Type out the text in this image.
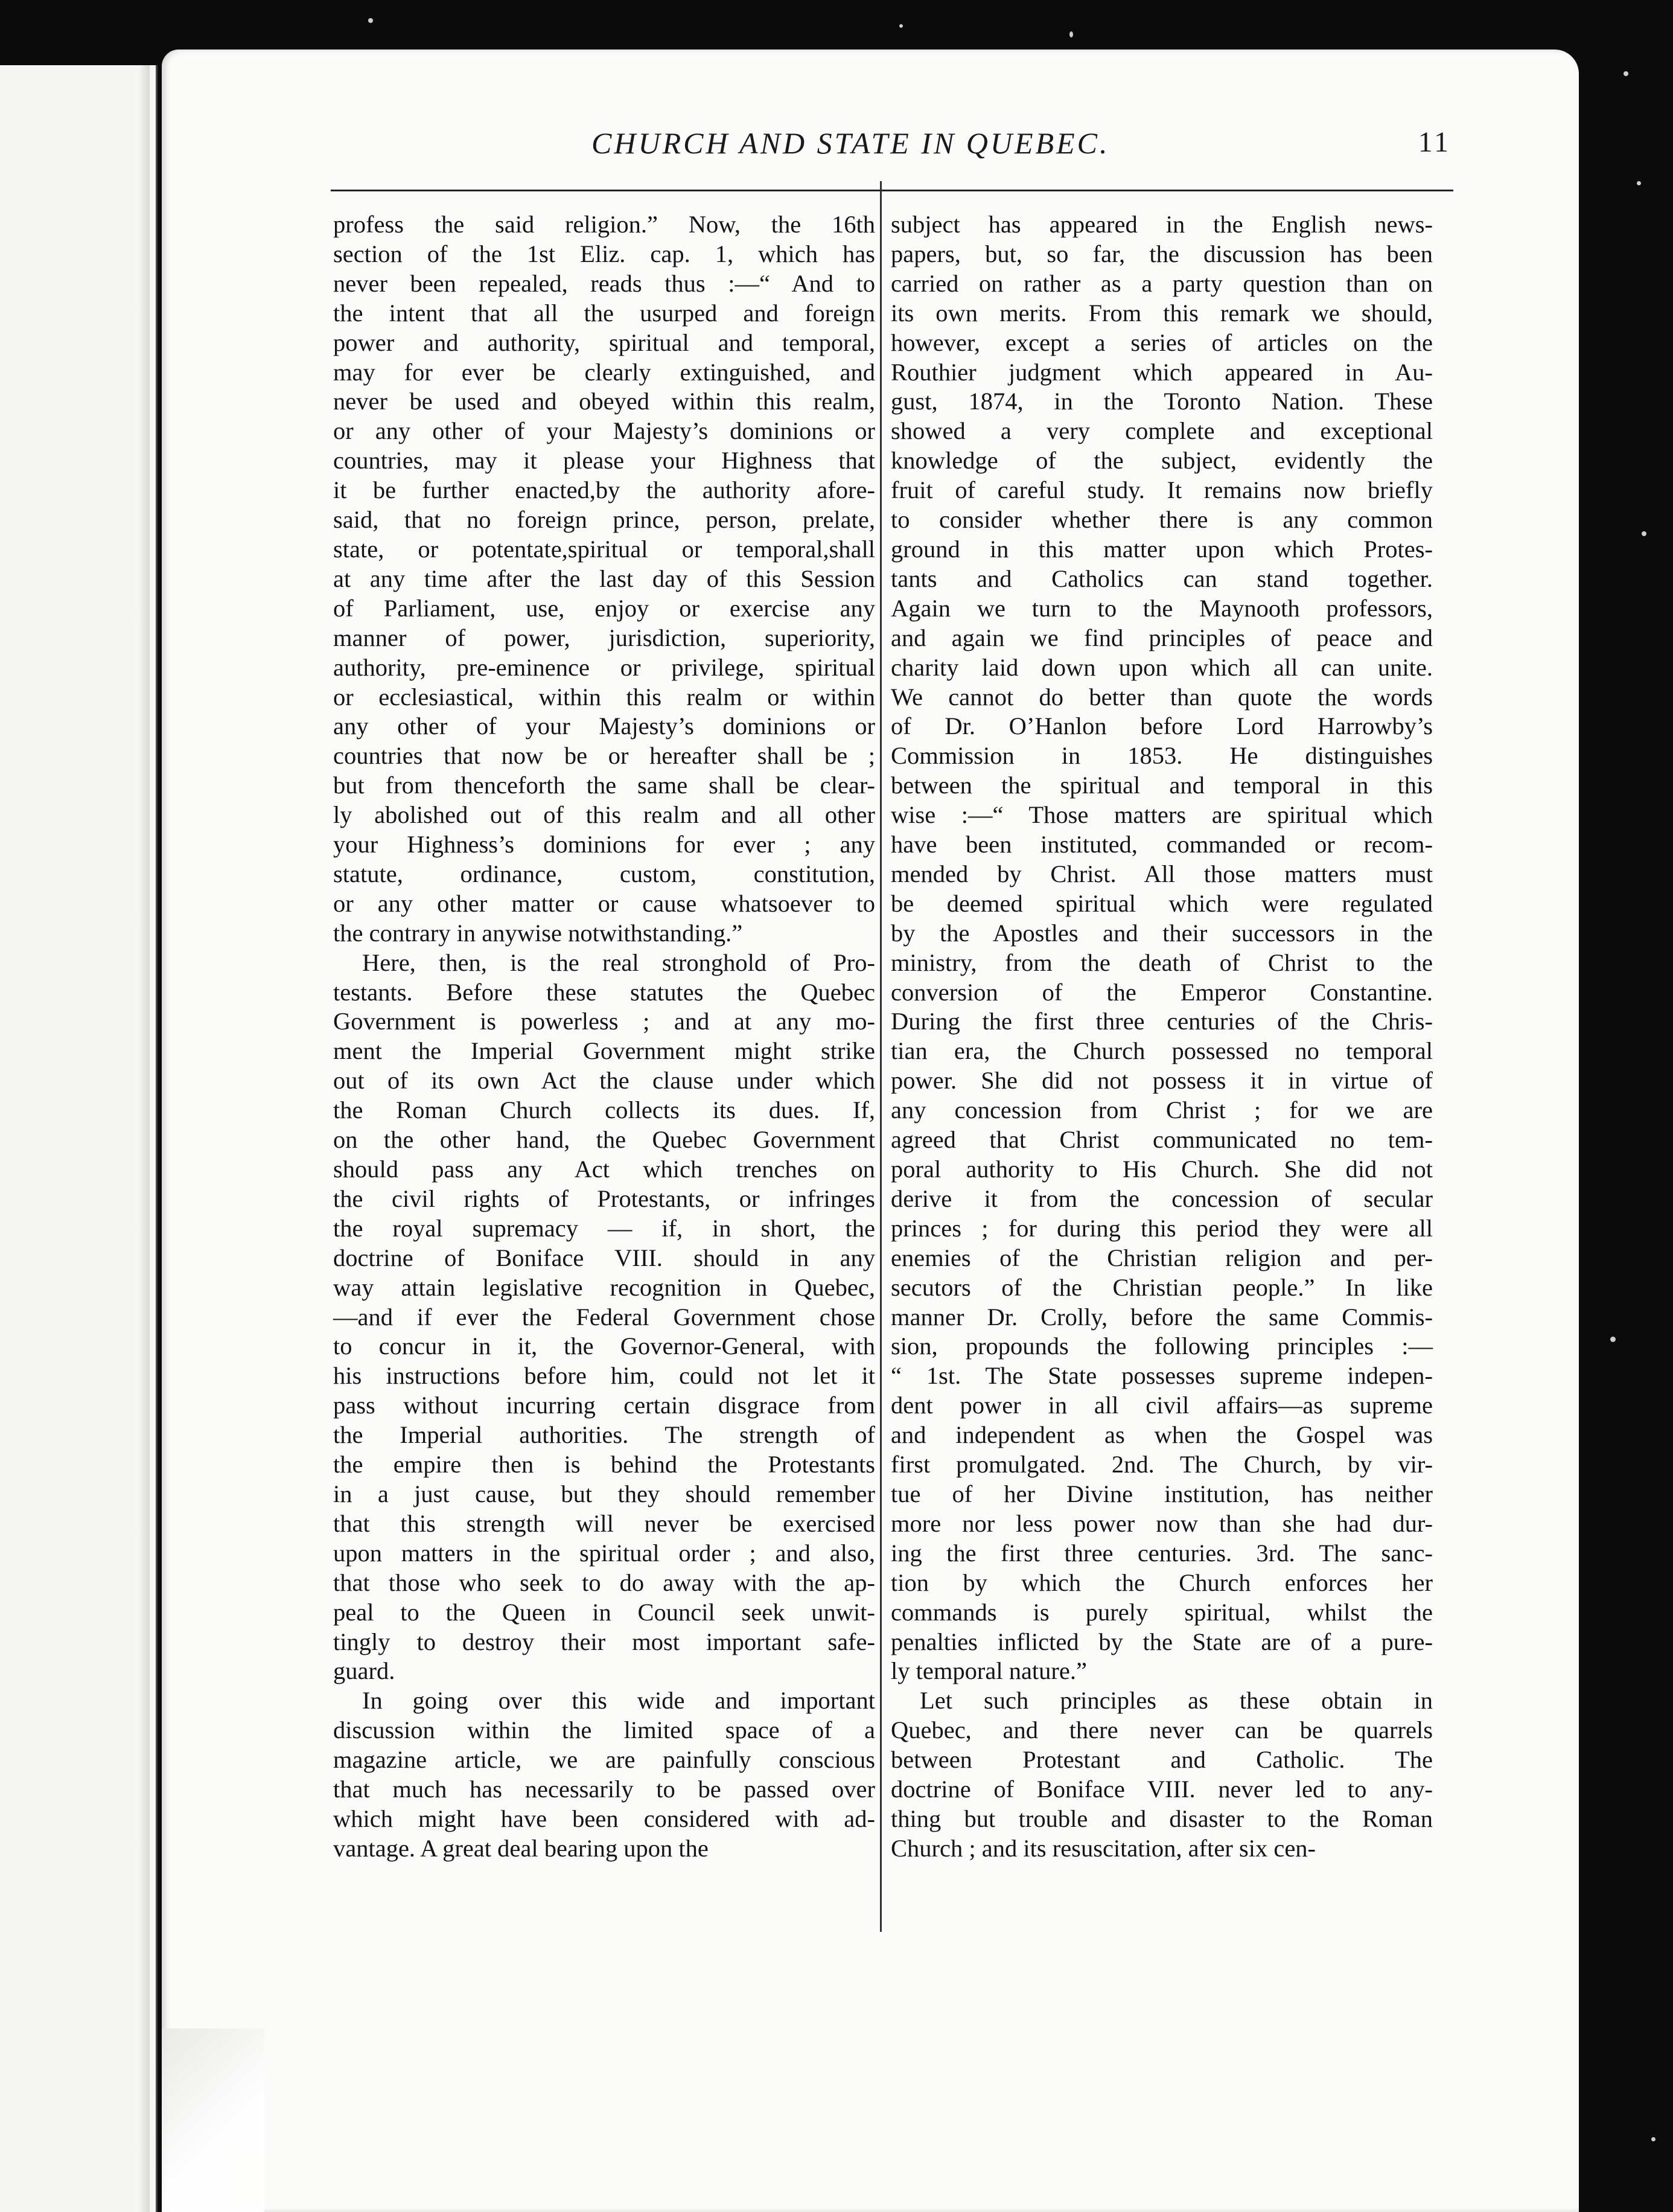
CHURCH AND STATE IN QUEBEC.	11

profess the said religion.” Now, the 16th
section of the 1st Eliz. cap. 1, which has
never been repealed, reads thus :—“ And to
the intent that all the usurped and foreign
power and authority, spiritual and temporal,
may for ever be clearly extinguished, and
never be used and obeyed within this realm,
or any other of your Majesty’s dominions or
countries, may it please your Highness that
it be further enacted,by the authority afore-
said, that no foreign prince, person, prelate,
state, or potentate,spiritual or temporal,shall
at any time after the last day of this Session
of Parliament, use, enjoy or exercise any
manner of power, jurisdiction, superiority,
authority, pre-eminence or privilege, spiritual
or ecclesiastical, within this realm or within
any other of your Majesty’s dominions or
countries that now be or hereafter shall be ;
but from thenceforth the same shall be clear-
ly abolished out of this realm and all other
your Highness’s dominions for ever ; any
statute, ordinance, custom, constitution,
or any other matter or cause whatsoever to
the contrary in anywise notwithstanding.”

Here, then, is the real stronghold of Pro-
testants. Before these statutes the Quebec
Government is powerless ; and at any mo-
ment the Imperial Government might strike
out of its own Act the clause under which
the Roman Church collects its dues. If,
on the other hand, the Quebec Government
should pass any Act which trenches on
the civil rights of Protestants, or infringes
the royal supremacy — if, in short, the
doctrine of Boniface VIII. should in any
way attain legislative recognition in Quebec,
—and if ever the Federal Government chose
to concur in it, the Governor-General, with
his instructions before him, could not let it
pass without incurring certain disgrace from
the Imperial authorities. The strength of
the empire then is behind the Protestants
in a just cause, but they should remember
that this strength will never be exercised
upon matters in the spiritual order ; and also,
that those who seek to do away with the ap-
peal to the Queen in Council seek unwit-
tingly to destroy their most important safe-
guard.

In going over this wide and important
discussion within the limited space of a
magazine article, we are painfully conscious
that much has necessarily to be passed over
which might have been considered with ad-
vantage. A great deal bearing upon the

subject has appeared in the English news-
papers, but, so far, the discussion has been
carried on rather as a party question than on
its own merits. From this remark we should,
however, except a series of articles on the
Routhier judgment which appeared in Au-
gust, 1874, in the Toronto Nation. These
showed a very complete and exceptional
knowledge of the subject, evidently the
fruit of careful study. It remains now briefly
to consider whether there is any common
ground in this matter upon which Protes-
tants and Catholics can stand together.
Again we turn to the Maynooth professors,
and again we find principles of peace and
charity laid down upon which all can unite.
We cannot do better than quote the words
of Dr. O’Hanlon before Lord Harrowby’s
Commission in 1853. He distinguishes
between the spiritual and temporal in this
wise :—“ Those matters are spiritual which
have been instituted, commanded or recom-
mended by Christ. All those matters must
be deemed spiritual which were regulated
by the Apostles and their successors in the
ministry, from the death of Christ to the
conversion of the Emperor Constantine.
During the first three centuries of the Chris-
tian era, the Church possessed no temporal
power. She did not possess it in virtue of
any concession from Christ ; for we are
agreed that Christ communicated no tem-
poral authority to His Church. She did not
derive it from the concession of secular
princes ; for during this period they were all
enemies of the Christian religion and per-
secutors of the Christian people.” In like
manner Dr. Crolly, before the same Commis-
sion, propounds the following principles :—
“ 1st. The State possesses supreme indepen-
dent power in all civil affairs—as supreme
and independent as when the Gospel was
first promulgated. 2nd. The Church, by vir-
tue of her Divine institution, has neither
more nor less power now than she had dur-
ing the first three centuries. 3rd. The sanc-
tion by which the Church enforces her
commands is purely spiritual, whilst the
penalties inflicted by the State are of a pure-
ly temporal nature.”

Let such principles as these obtain in
Quebec, and there never can be quarrels
between Protestant and Catholic. The
doctrine of Boniface VIII. never led to any-
thing but trouble and disaster to the Roman
Church ; and its resuscitation, after six cen-
